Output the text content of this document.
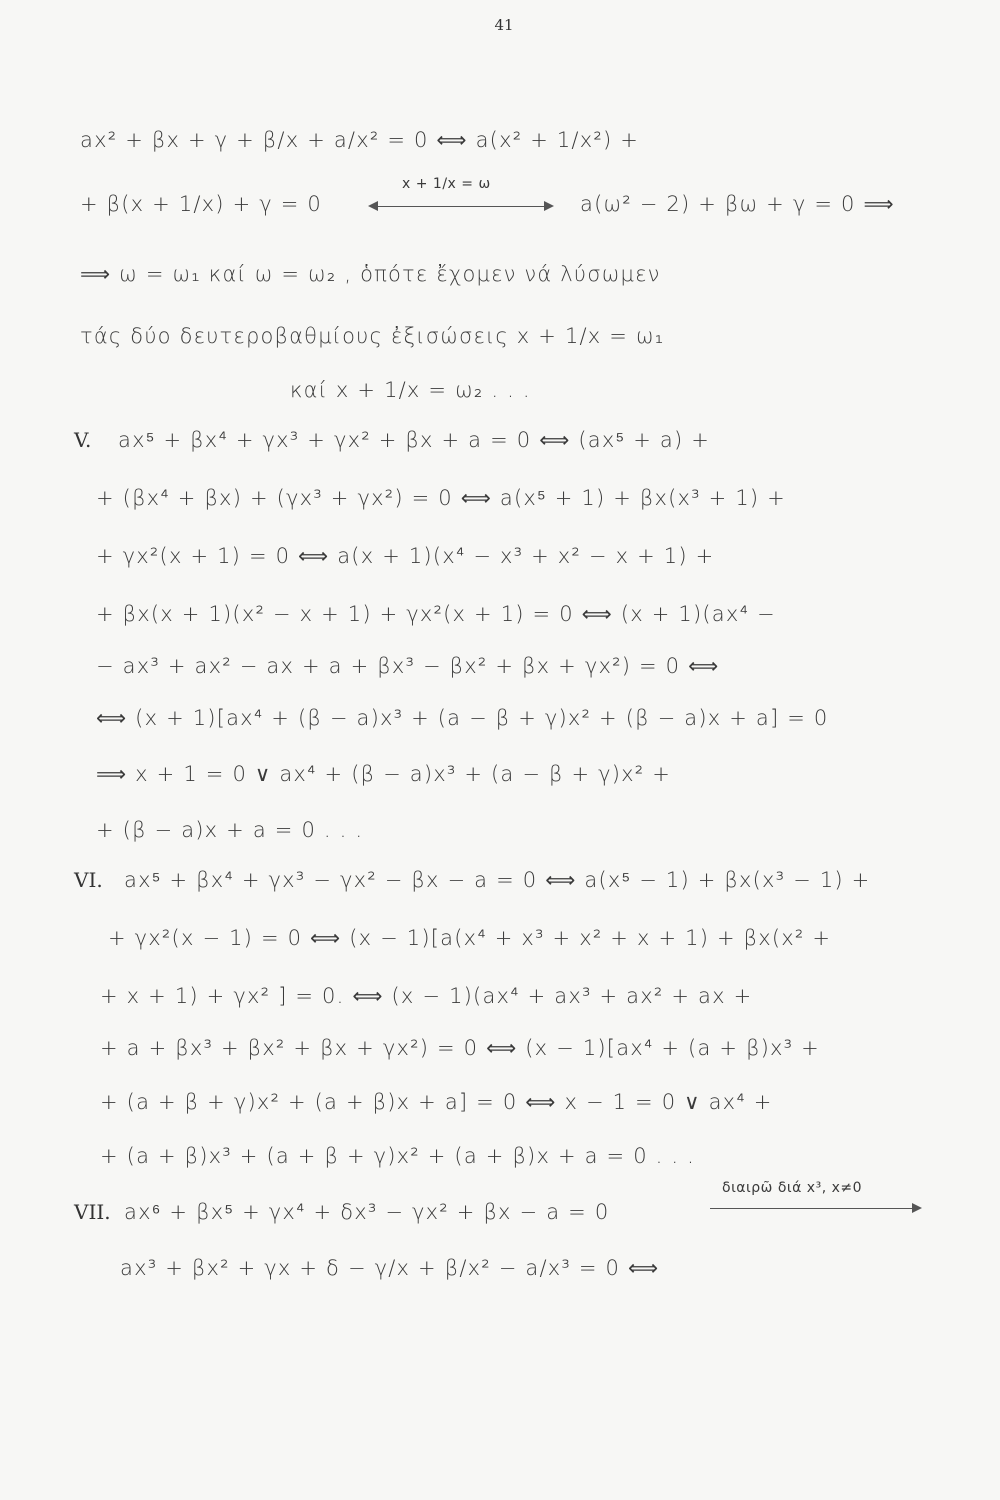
41
ax² + βx + γ + β/x + a/x² = 0 ⟺ a(x² + 1/x²) +
+ β(x + 1/x) + γ = 0
x + 1/x = ω
a(ω² − 2) + βω + γ = 0 ⟹
⟹ ω = ω₁ καί ω = ω₂ , ὁπότε ἔχομεν νά λύσωμεν
τάς δύο δευτεροβαθμίους ἐξισώσεις x + 1/x = ω₁
καί x + 1/x = ω₂ . . .
V. ax⁵ + βx⁴ + γx³ + γx² + βx + a = 0 ⟺ (ax⁵ + a) +
+ (βx⁴ + βx) + (γx³ + γx²) = 0 ⟺ a(x⁵ + 1) + βx(x³ + 1) +
+ γx²(x + 1) = 0 ⟺ a(x + 1)(x⁴ − x³ + x² − x + 1) +
+ βx(x + 1)(x² − x + 1) + γx²(x + 1) = 0 ⟺ (x + 1)(ax⁴ −
− ax³ + ax² − ax + a + βx³ − βx² + βx + γx²) = 0 ⟺
⟺ (x + 1)[ax⁴ + (β − a)x³ + (a − β + γ)x² + (β − a)x + a] = 0
⟹ x + 1 = 0 ∨ ax⁴ + (β − a)x³ + (a − β + γ)x² +
+ (β − a)x + a = 0 . . .
VI. ax⁵ + βx⁴ + γx³ − γx² − βx − a = 0 ⟺ a(x⁵ − 1) + βx(x³ − 1) +
+ γx²(x − 1) = 0 ⟺ (x − 1)[a(x⁴ + x³ + x² + x + 1) + βx(x² +
+ x + 1) + γx² ] = 0. ⟺ (x − 1)(ax⁴ + ax³ + ax² + ax +
+ a + βx³ + βx² + βx + γx²) = 0 ⟺ (x − 1)[ax⁴ + (a + β)x³ +
+ (a + β + γ)x² + (a + β)x + a] = 0 ⟺ x − 1 = 0 ∨ ax⁴ +
+ (a + β)x³ + (a + β + γ)x² + (a + β)x + a = 0 . . .
VII. ax⁶ + βx⁵ + γx⁴ + δx³ − γx² + βx − a = 0
διαιρῶ διά x³, x≠0
ax³ + βx² + γx + δ − γ/x + β/x² − a/x³ = 0 ⟺
